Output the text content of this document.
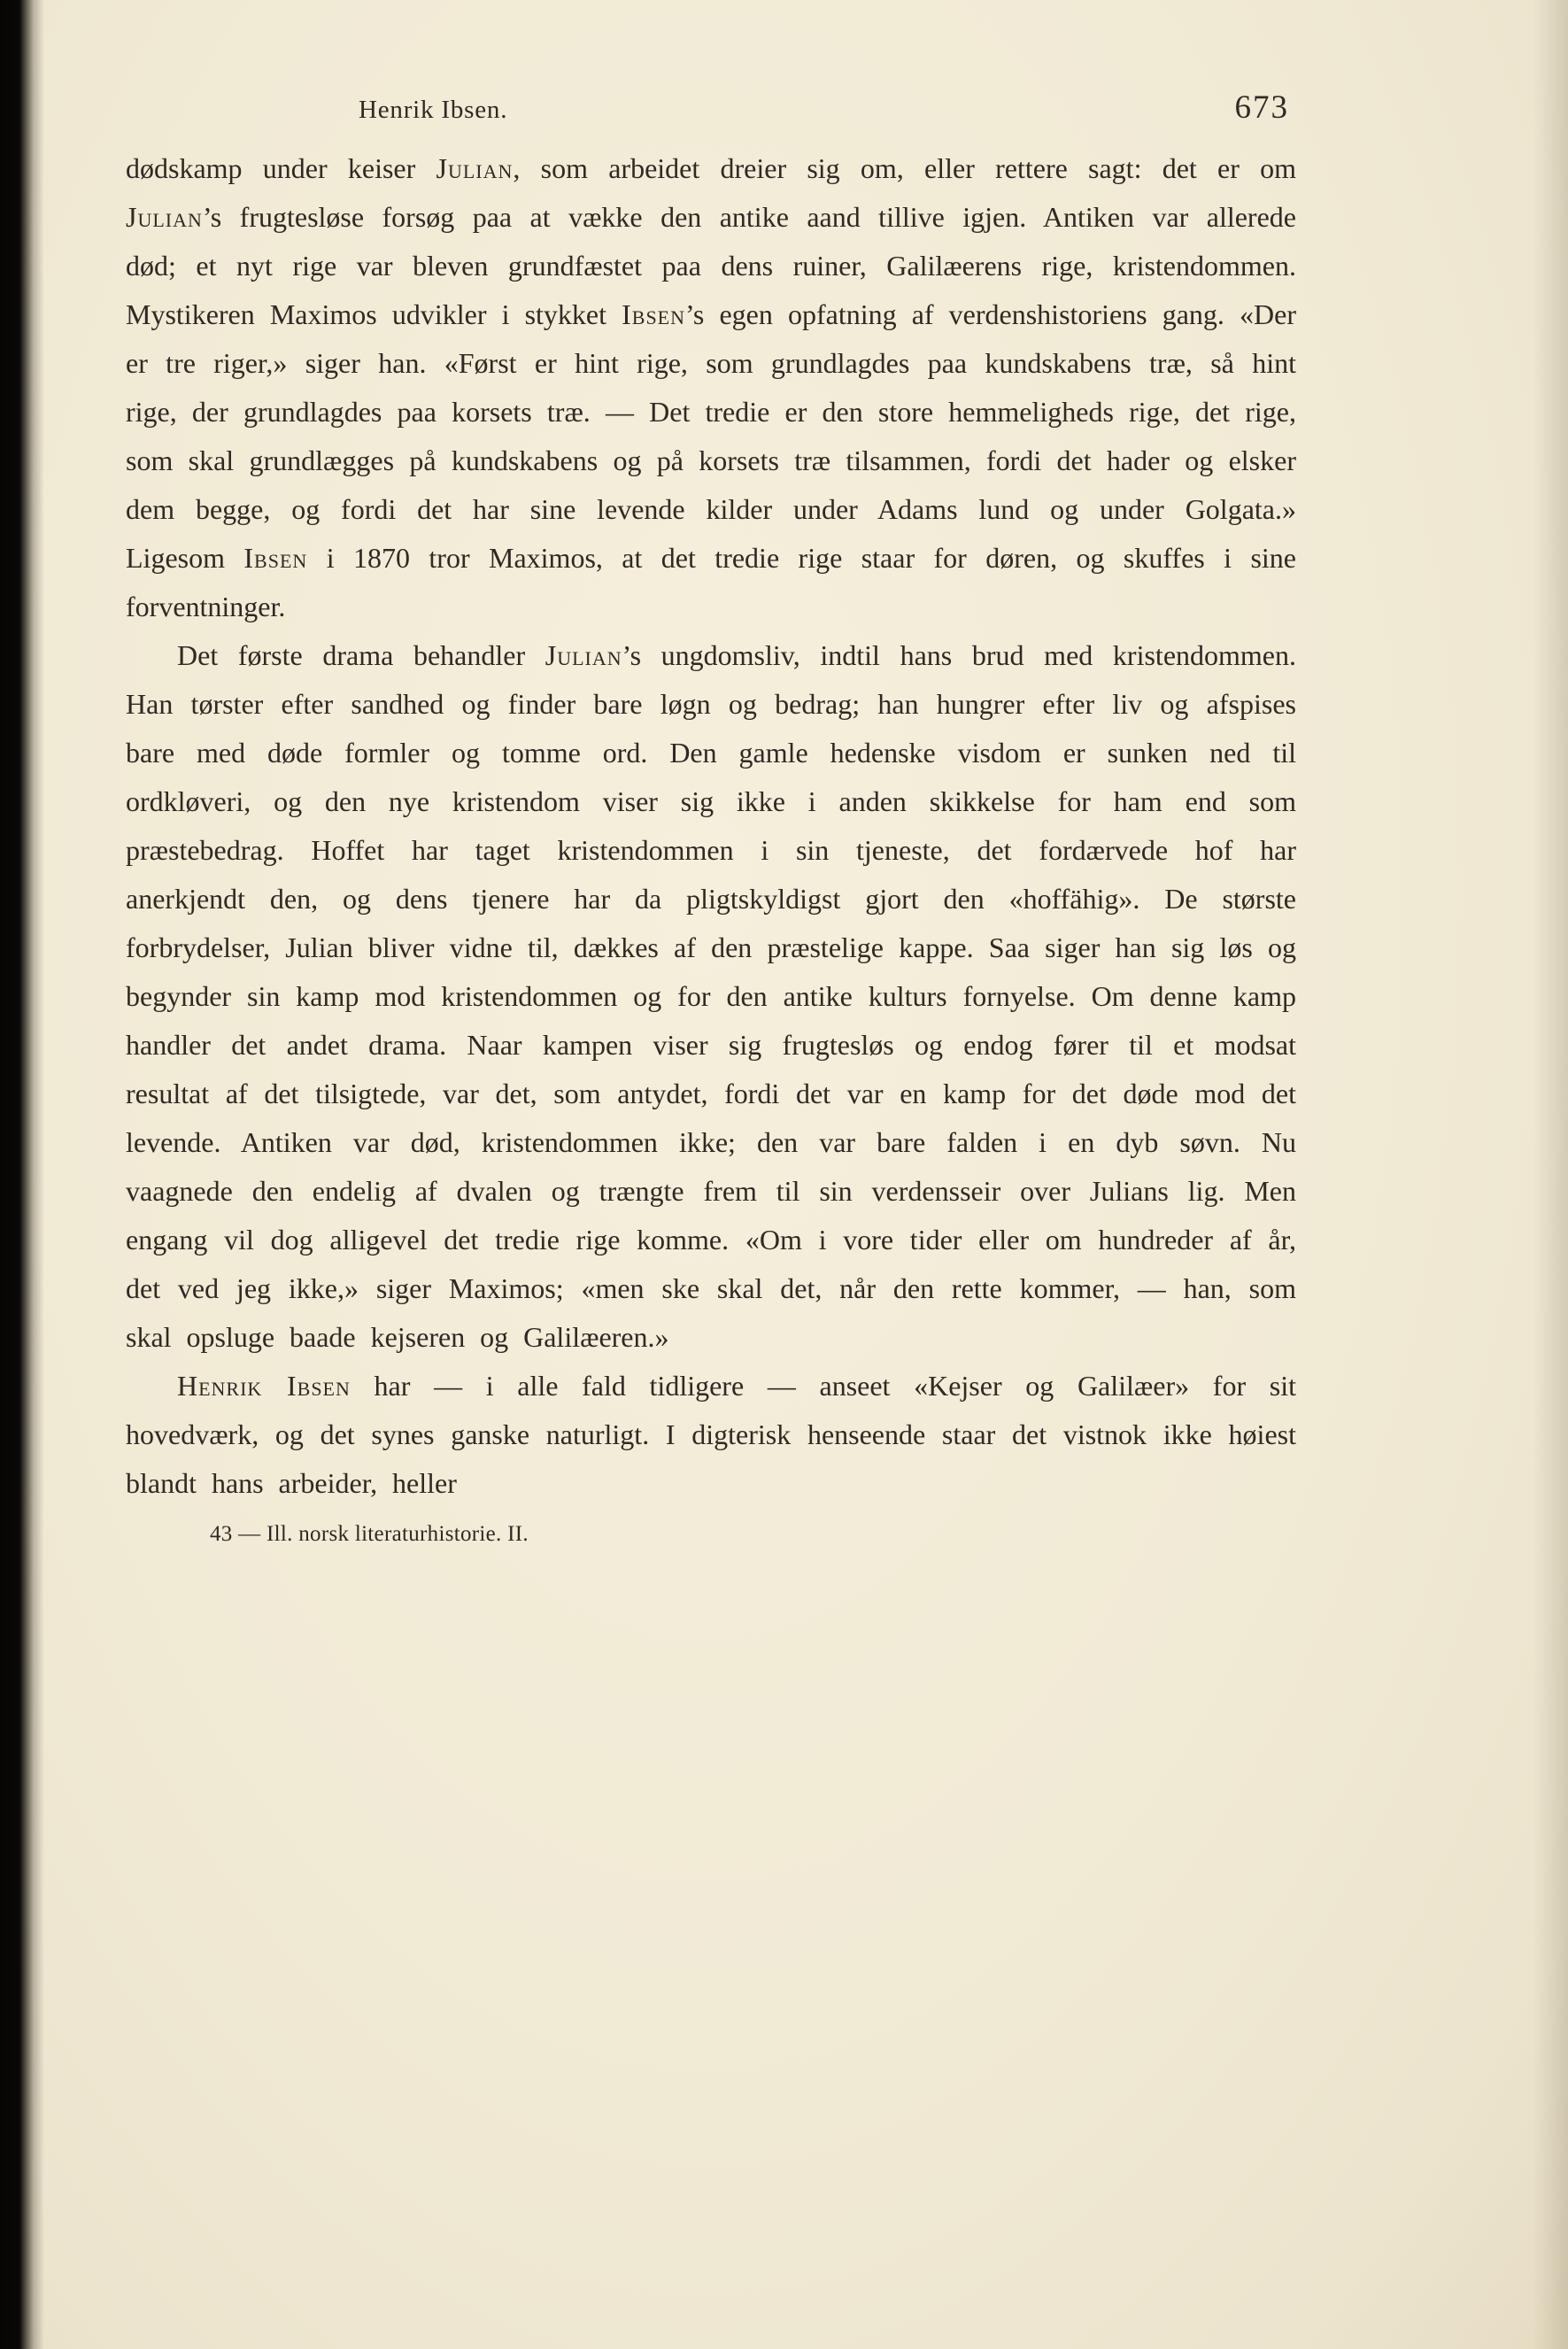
Henrik Ibsen.	673

dødskamp under keiser Julian, som arbeidet dreier sig om, eller rettere sagt: det er om Julian’s frugtesløse forsøg paa at vække den antike aand tillive igjen. Antiken var allerede død; et nyt rige var bleven grundfæstet paa dens ruiner, Galilæerens rige, kristendommen. Mystikeren Maximos udvikler i stykket Ibsen’s egen opfatning af verdenshistoriens gang. «Der er tre riger,» siger han. «Først er hint rige, som grundlagdes paa kundskabens træ, så hint rige, der grundlagdes paa korsets træ. — Det tredie er den store hemmeligheds rige, det rige, som skal grundlægges på kundskabens og på korsets træ tilsammen, fordi det hader og elsker dem begge, og fordi det har sine levende kilder under Adams lund og under Golgata.» Ligesom Ibsen i 1870 tror Maximos, at det tredie rige staar for døren, og skuffes i sine forventninger.

Det første drama behandler Julian’s ungdomsliv, indtil hans brud med kristendommen. Han tørster efter sandhed og finder bare løgn og bedrag; han hungrer efter liv og afspises bare med døde formler og tomme ord. Den gamle hedenske visdom er sunken ned til ordkløveri, og den nye kristendom viser sig ikke i anden skikkelse for ham end som præstebedrag. Hoffet har taget kristendommen i sin tjeneste, det fordærvede hof har anerkjendt den, og dens tjenere har da pligtskyldigst gjort den «hoffähig». De største forbrydelser, Julian bliver vidne til, dækkes af den præstelige kappe. Saa siger han sig løs og begynder sin kamp mod kristendommen og for den antike kulturs fornyelse. Om denne kamp handler det andet drama. Naar kampen viser sig frugtesløs og endog fører til et modsat resultat af det tilsigtede, var det, som antydet, fordi det var en kamp for det døde mod det levende. Antiken var død, kristendommen ikke; den var bare falden i en dyb søvn. Nu vaagnede den endelig af dvalen og trængte frem til sin verdensseir over Julians lig. Men engang vil dog alligevel det tredie rige komme. «Om i vore tider eller om hundreder af år, det ved jeg ikke,» siger Maximos; «men ske skal det, når den rette kommer, — han, som skal opsluge baade kejseren og Galilæeren.»

Henrik Ibsen har — i alle fald tidligere — anseet «Kejser og Galilæer» for sit hovedværk, og det synes ganske naturligt. I digterisk henseende staar det vistnok ikke høiest blandt hans arbeider, heller

43 — Ill. norsk literaturhistorie. II.
